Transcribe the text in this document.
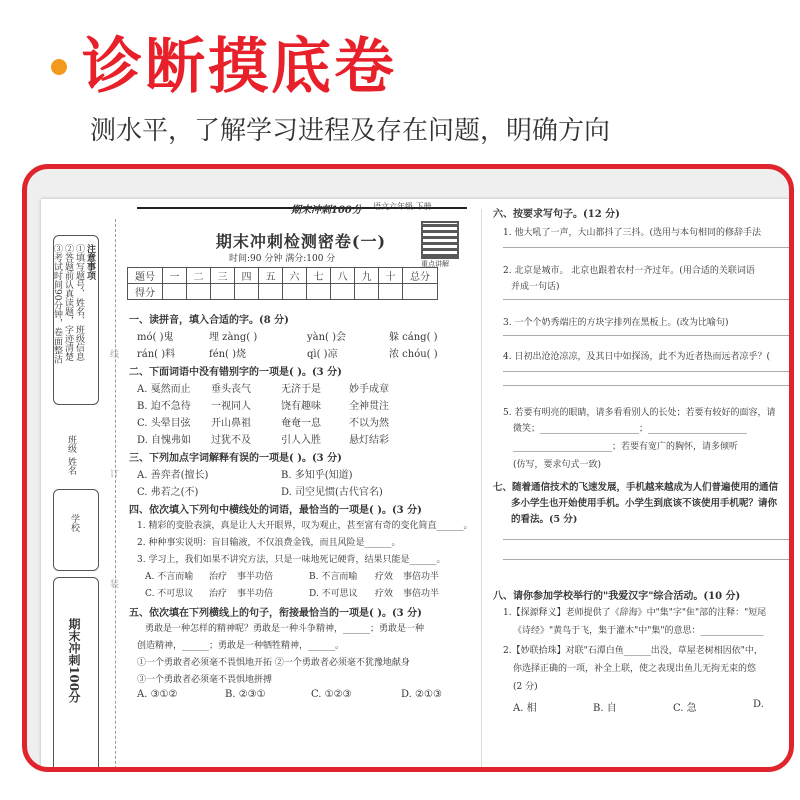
诊断摸底卷
测水平，了解学习进程及存在问题，明确方向
注意事项
①填写题号、姓名、班级信息
②答题前认真读题，字迹清楚
③考试时间90分钟，卷面整洁
班级
姓名
学校
期末冲刺100分
线
订
装
期末冲刺100分 语文六年级 下册
期末冲刺检测密卷(一)
时间:90 分钟 满分:100 分	重点讲解
题号	一	二	三	四	五	六	七	八	九	十	总分
得分											
一、读拼音，填入合适的字。(8 分)
mó( )鬼	埋 zàng( )	yàn( )会	躲 cáng( )
rán( )料	fén( )烧	qì( )凉	浓 chóu( )
二、下面词语中没有错别字的一项是( )。(3 分)
A. 戛然而止 垂头丧气	无济于是	妙手成章
B. 迫不急待 一视同人	饶有趣味	全神贯注
C. 头晕目弦 开山鼻祖	奄奄一息	不以为然
D. 自愧弗如 过犹不及	引人入胜	悬灯结彩
三、下列加点字词解释有误的一项是( )。(3 分)
A. 善弈者(擅长)	B. 多知乎(知道)
C. 弗若之(不)	D. 司空见惯(古代官名)
四、依次填入下列句中横线处的词语，最恰当的一项是( )。(3 分)
1. 精彩的变脸表演，真是让人大开眼界，叹为观止，甚至富有奇的变化简直______。
2. 种种事实说明：盲目输液，不仅浪费金钱，而且风险是______。
3. 学习上，我们如果不讲究方法，只是一味地死记硬背，结果只能是______。
A. 不言而喻 治疗 事半功倍	B. 不言而喻 疗效 事倍功半
C. 不可思议 治疗 事半功倍	D. 不可思议 疗效 事倍功半
五、依次填在下列横线上的句子，衔接最恰当的一项是( )。(3 分)
勇敢是一种怎样的精神呢？勇敢是一种斗争精神，______；勇敢是一种
创造精神，______；勇敢是一种牺牲精神，______。
①一个勇敢者必须毫不畏惧地开拓 ②一个勇敢者必须毫不犹豫地献身
③一个勇敢者必须毫不畏惧地拼搏
A. ③①②	B. ②③①	C. ①②③	D. ②①③
六、按要求写句子。(12 分)
1. 他大吼了一声，大山都抖了三抖。(选用与本句相同的修辞手法
2. 北京是城市。 北京也跟着农村一齐过年。(用合适的关联词语
并成一句话)
3. 一个个奶秀端庄的方块字排列在黑板上。(改为比喻句)
4. 日初出沧沧凉凉，及其日中如探汤，此不为近者热而远者凉乎？(
5. 若要有明亮的眼睛，请多看看别人的长处；若要有较好的面容，请
微笑；______________________；______________________
______________________；若要有宽广的胸怀，请多倾听
(仿写，要求句式一致)
七、随着通信技术的飞速发展，手机越来越成为人们普遍使用的通信
多小学生也开始使用手机。小学生到底该不该使用手机呢？请你
的看法。(5 分)
八、请你参加学校举行的"我爱汉字"综合活动。(10 分)
1.【探源释义】老师提供了《辞海》中"集"字"隹"部的注释："短尾
《诗经》"黄鸟于飞，集于灌木"中"集"的意思：______________
2.【妙联拾珠】对联"石潭白鱼______出没，草屋老树相因依"中，
你选择正确的一项，补全上联，使之表现出鱼儿无拘无束的悠
(2 分)
A. 相	B. 自	C. 急	D.
